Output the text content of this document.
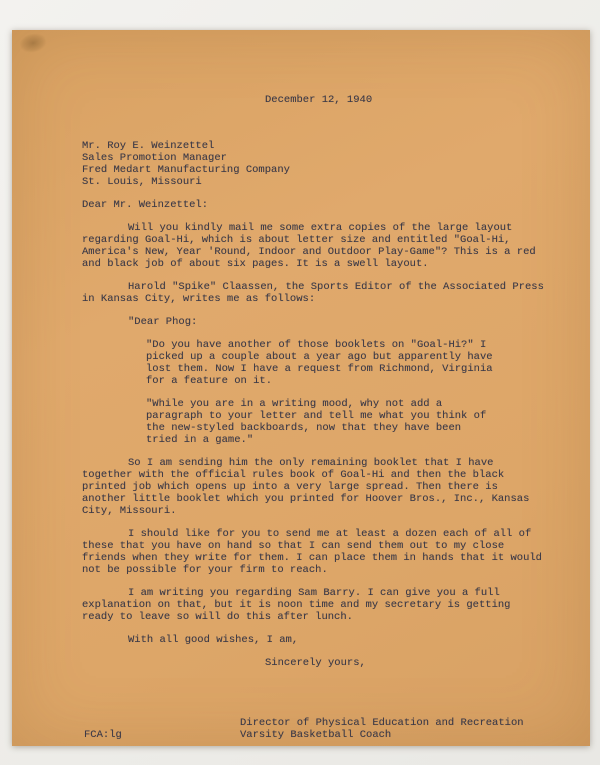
December 12, 1940
Mr. Roy E. Weinzettel
Sales Promotion Manager
Fred Medart Manufacturing Company
St. Louis, Missouri
Dear Mr. Weinzettel:
Will you kindly mail me some extra copies of the large layout regarding Goal-Hi, which is about letter size and entitled "Goal-Hi, America's New, Year 'Round, Indoor and Outdoor Play-Game"? This is a red and black job of about six pages. It is a swell layout.
Harold "Spike" Claassen, the Sports Editor of the Associated Press in Kansas City, writes me as follows:
"Dear Phog:
"Do you have another of those booklets on "Goal-Hi?" I picked up a couple about a year ago but apparently have lost them. Now I have a request from Richmond, Virginia for a feature on it.
"While you are in a writing mood, why not add a paragraph to your letter and tell me what you think of the new-styled backboards, now that they have been tried in a game."
So I am sending him the only remaining booklet that I have together with the official rules book of Goal-Hi and then the black printed job which opens up into a very large spread. Then there is another little booklet which you printed for Hoover Bros., Inc., Kansas City, Missouri.
I should like for you to send me at least a dozen each of all of these that you have on hand so that I can send them out to my close friends when they write for them. I can place them in hands that it would not be possible for your firm to reach.
I am writing you regarding Sam Barry. I can give you a full explanation on that, but it is noon time and my secretary is getting ready to leave so will do this after lunch.
With all good wishes, I am,
Sincerely yours,
Director of Physical Education and Recreation
Varsity Basketball Coach
FCA:lg
